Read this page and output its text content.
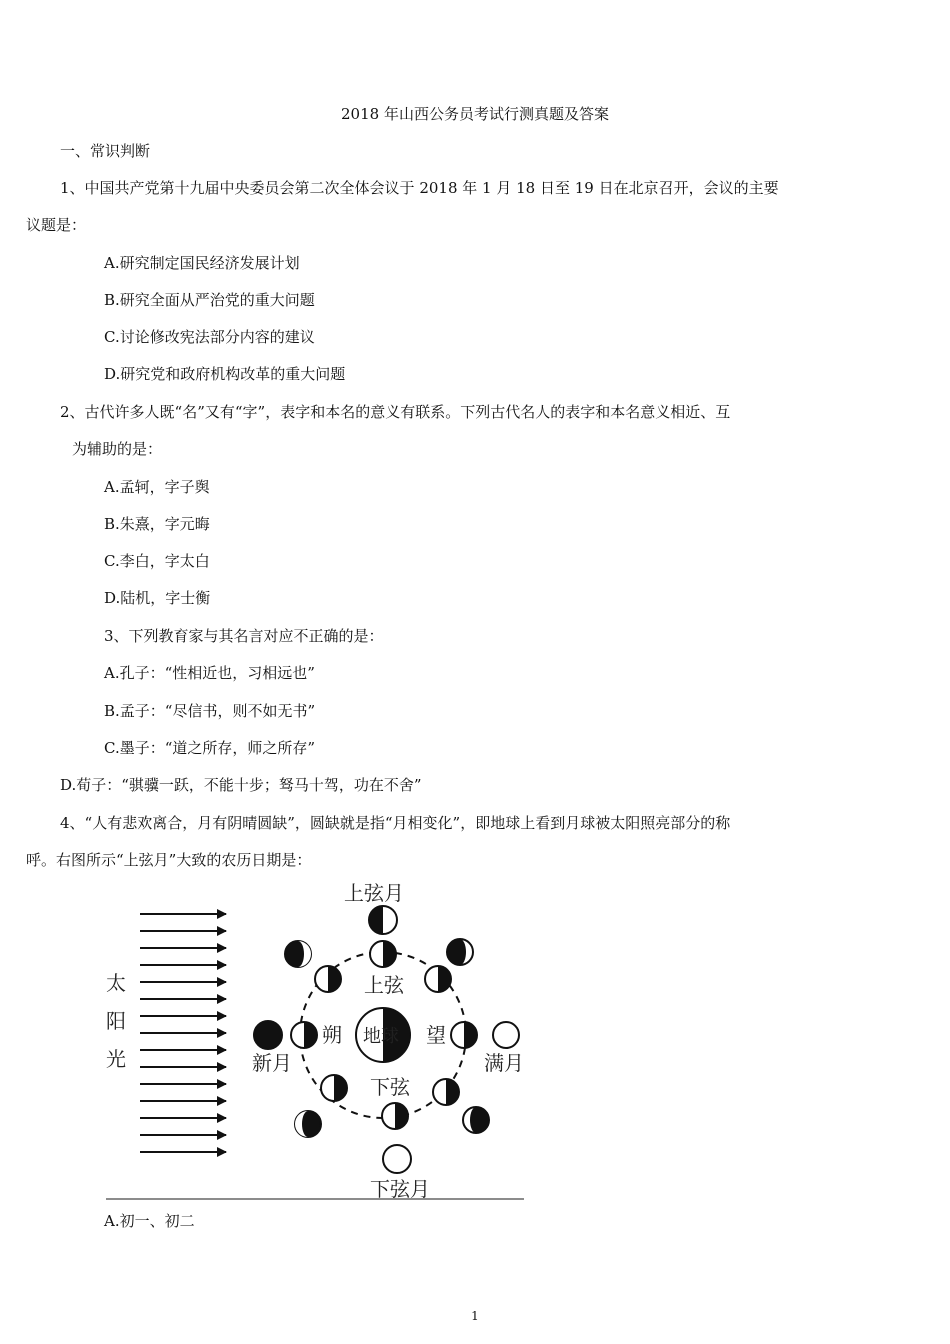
2018 年山西公务员考试行测真题及答案
一、常识判断
1、中国共产党第十九届中央委员会第二次全体会议于 2018 年 1 月 18 日至 19 日在北京召开，会议的主要
议题是：
A.研究制定国民经济发展计划
B.研究全面从严治党的重大问题
C.讨论修改宪法部分内容的建议
D.研究党和政府机构改革的重大问题
2、古代许多人既“名”又有“字”，表字和本名的意义有联系。下列古代名人的表字和本名意义相近、互
为辅助的是：
A.孟轲，字子舆
B.朱熹，字元晦
C.李白，字太白
D.陆机，字士衡
3、下列教育家与其名言对应不正确的是：
A.孔子：“性相近也，习相远也”
B.孟子：“尽信书，则不如无书”
C.墨子：“道之所存，师之所存”
D.荀子：“骐骥一跃，不能十步；驽马十驾，功在不舍”
4、“人有悲欢离合，月有阴晴圆缺”，圆缺就是指“月相变化”，即地球上看到月球被太阳照亮部分的称
呼。右图所示“上弦月”大致的农历日期是：
太
阳
光
地球
朔	望
上弦
下弦
上弦月
下弦月
新月	满月
A.初一、初二
1
